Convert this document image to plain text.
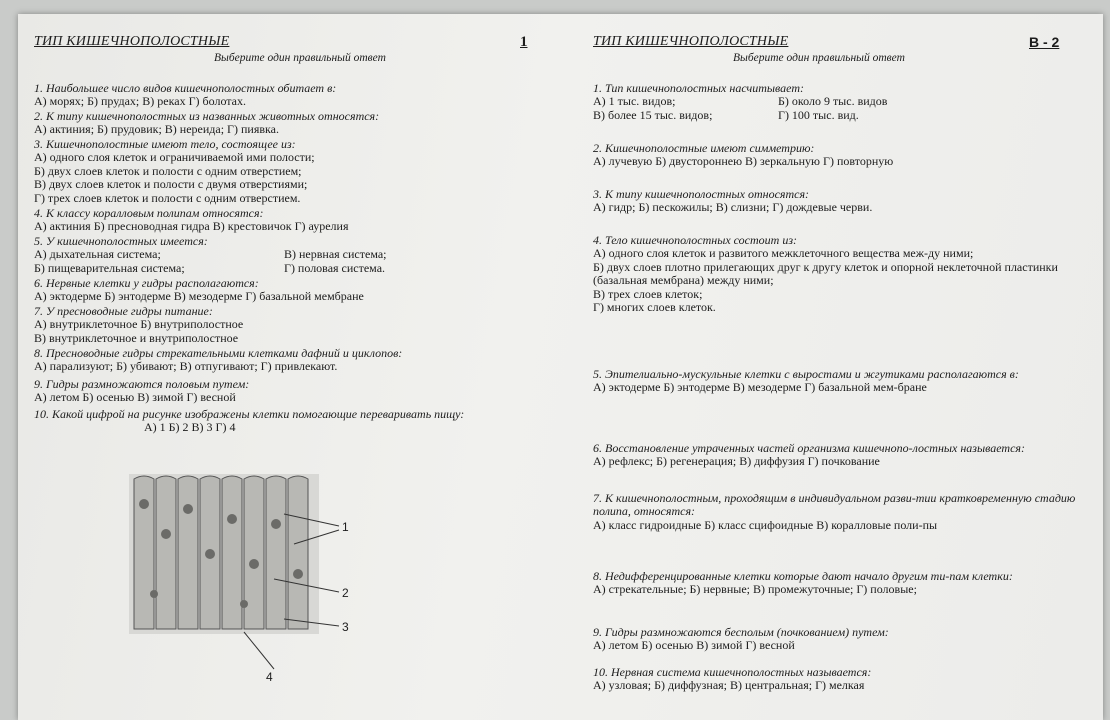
ТИП КИШЕЧНОПОЛОСТНЫЕ	1
Выберите один правильный ответ
1. Наибольшее число видов кишечнополостных обитает в:
А) морях; Б) прудах; В) реках Г) болотах.
2. К типу кишечнополостных из названных животных относятся:
А) актиния; Б) прудовик; В) нереида; Г) пиявка.
3. Кишечнополостные имеют тело, состоящее из:
А) одного слоя клеток и ограничиваемой ими полости;
Б) двух слоев клеток и полости с одним отверстием;
В) двух слоев клеток и полости с двумя отверстиями;
Г) трех слоев клеток и полости с одним отверстием.
4. К классу коралловым полипам относятся:
А) актиния Б) пресноводная гидра В) крестовичок Г) аурелия
5. У кишечнополостных имеется:
А) дыхательная система;	В) нервная система;
Б) пищеварительная система;	Г) половая система.
6. Нервные клетки у гидры располагаются:
А) эктодерме Б) энтодерме В) мезодерме Г) базальной мембране
7. У пресноводные гидры питание:
А) внутриклеточное Б) внутриполостное
В) внутриклеточное и внутриполостное
8. Пресноводные гидры стрекательными клетками дафний и циклопов:
А) парализуют; Б) убивают; В) отпугивают; Г) привлекают.
9. Гидры размножаются половым путем:
А) летом Б) осенью В) зимой Г) весной
10. Какой цифрой на рисунке изображены клетки помогающие переваривать пищу:
А) 1 Б) 2 В) 3 Г) 4
1
2
3
4
ТИП КИШЕЧНОПОЛОСТНЫЕ	В - 2
Выберите один правильный ответ
1. Тип кишечнополостных насчитывает:
А) 1 тыс. видов;	Б) около 9 тыс. видов
В) более 15 тыс. видов;	Г) 100 тыс. вид.
2. Кишечнополостные имеют симметрию:
А) лучевую Б) двустороннею В) зеркальную Г) повторную
3. К типу кишечнополостных относятся:
А) гидр; Б) пескожилы; В) слизни; Г) дождевые черви.
4. Тело кишечнополостных состоит из:
А) одного слоя клеток и развитого межклеточного вещества меж-ду ними;
Б) двух слоев плотно прилегающих друг к другу клеток и опорной неклеточной пластинки (базальная мембрана) между ними;
В) трех слоев клеток;
Г) многих слоев клеток.
5. Эпителиально-мускульные клетки с выростами и жгутиками располагаются в:
А) эктодерме Б) энтодерме В) мезодерме Г) базальной мем-бране
6. Восстановление утраченных частей организма кишечнопо-лостных называется:
А) рефлекс; Б) регенерация; В) диффузия Г) почкование
7. К кишечнополостным, проходящим в индивидуальном разви-тии кратковременную стадию полипа, относятся:
А) класс гидроидные Б) класс сцифоидные В) коралловые поли-пы
8. Недифференцированные клетки которые дают начало другим ти-пам клетки:
А) стрекательные; Б) нервные; В) промежуточные; Г) половые;
9. Гидры размножаются бесполым (почкованием) путем:
А) летом Б) осенью В) зимой Г) весной
10. Нервная система кишечнополостных называется:
А) узловая; Б) диффузная; В) центральная; Г) мелкая
